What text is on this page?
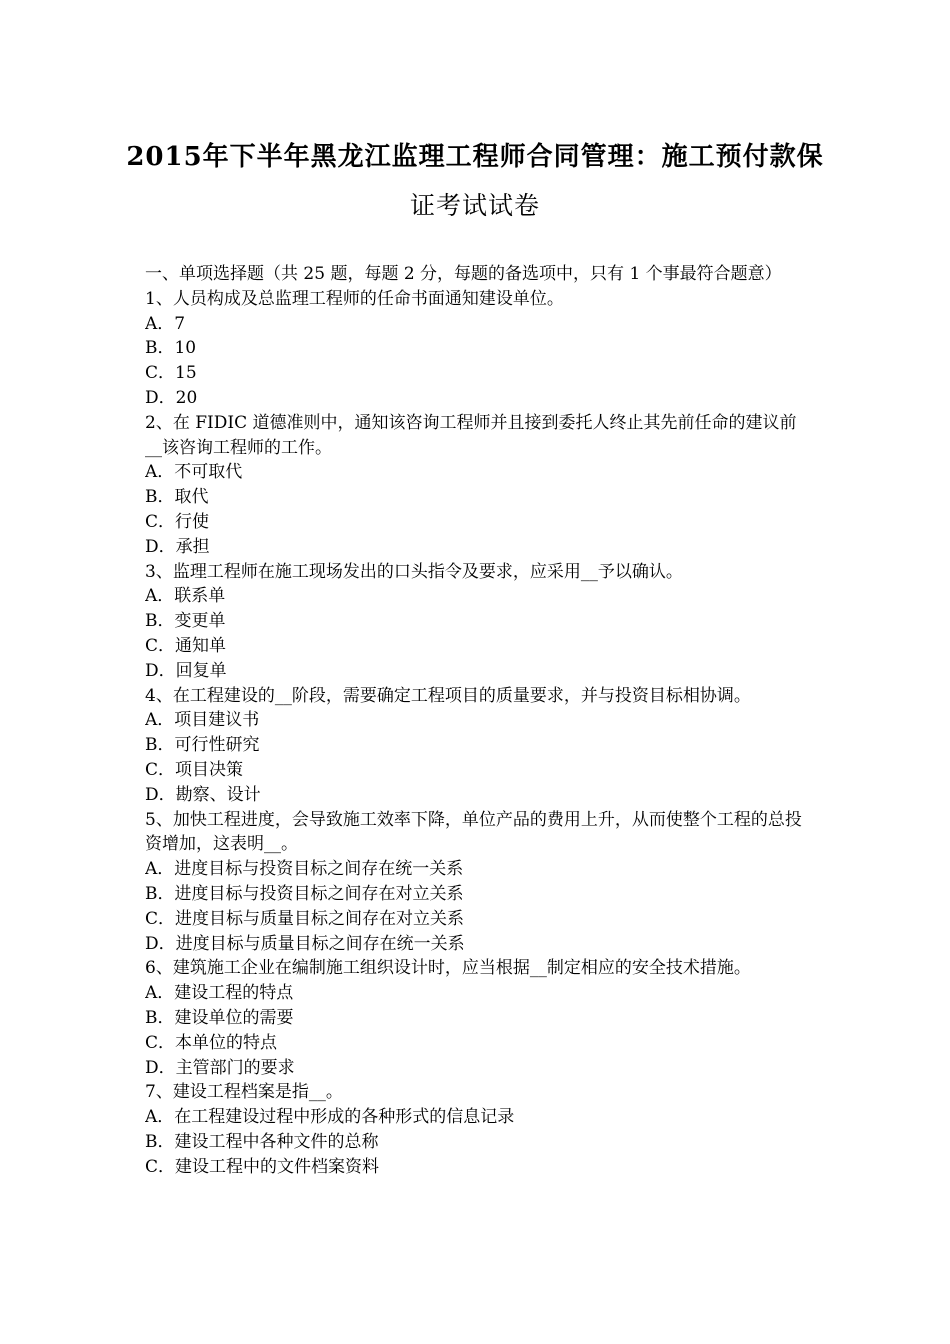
2015年下半年黑龙江监理工程师合同管理：施工预付款保
证考试试卷
一、单项选择题（共 25 题，每题 2 分，每题的备选项中，只有 1 个事最符合题意）
1、人员构成及总监理工程师的任命书面通知建设单位。
A．7
B．10
C．15
D．20
2、在 FIDIC 道德准则中，通知该咨询工程师并且接到委托人终止其先前任命的建议前__该咨询工程师的工作。
A．不可取代
B．取代
C．行使
D．承担
3、监理工程师在施工现场发出的口头指令及要求，应采用__予以确认。
A．联系单
B．变更单
C．通知单
D．回复单
4、在工程建设的__阶段，需要确定工程项目的质量要求，并与投资目标相协调。
A．项目建议书
B．可行性研究
C．项目决策
D．勘察、设计
5、加快工程进度，会导致施工效率下降，单位产品的费用上升，从而使整个工程的总投资增加，这表明__。
A．进度目标与投资目标之间存在统一关系
B．进度目标与投资目标之间存在对立关系
C．进度目标与质量目标之间存在对立关系
D．进度目标与质量目标之间存在统一关系
6、建筑施工企业在编制施工组织设计时，应当根据__制定相应的安全技术措施。
A．建设工程的特点
B．建设单位的需要
C．本单位的特点
D．主管部门的要求
7、建设工程档案是指__。
A．在工程建设过程中形成的各种形式的信息记录
B．建设工程中各种文件的总称
C．建设工程中的文件档案资料
